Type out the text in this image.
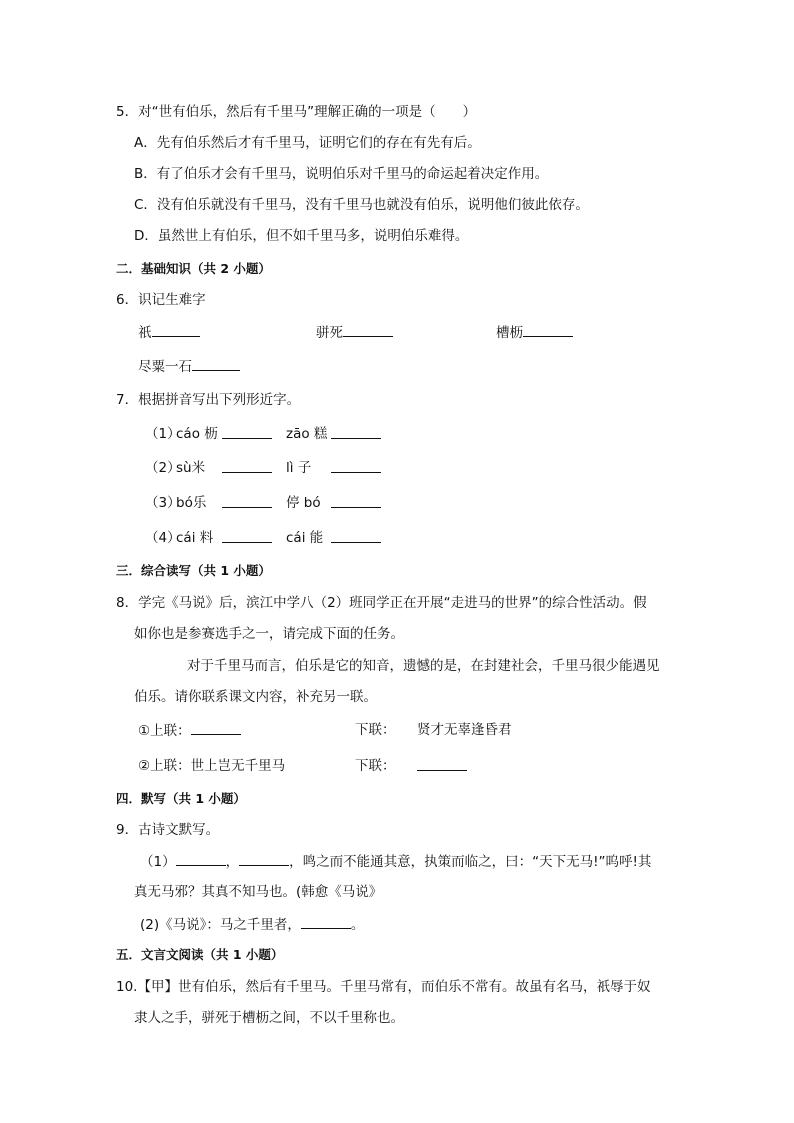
5．对“世有伯乐，然后有千里马”理解正确的一项是（　　）
A．先有伯乐然后才有千里马，证明它们的存在有先有后。
B．有了伯乐才会有千里马，说明伯乐对千里马的命运起着决定作用。
C．没有伯乐就没有千里马，没有千里马也就没有伯乐，说明他们彼此依存。
D．虽然世上有伯乐，但不如千里马多，说明伯乐难得。
二．基础知识（共 2 小题）
6．识记生难字
祇	骈死	槽枥
尽粟一石
7．根据拼音写出下列形近字。
（1）
cáo 枥	zāo 糕
（2）
sù米	lì 子
（3）
bó乐	停 bó
（4）
cái 料	cái 能
三．综合读写（共 1 小题）
8．学完《马说》后，滨江中学八（2）班同学正在开展“走进马的世界”的综合性活动。假
如你也是参赛选手之一，请完成下面的任务。
对于千里马而言，伯乐是它的知音，遗憾的是，在封建社会，千里马很少能遇见
伯乐。请你联系课文内容，补充另一联。
①上联：	下联： 贤才无辜逢昏君
②上联：世上岂无千里马	下联：
四．默写（共 1 小题）
9．古诗文默写。
（1）	，	，鸣之而不能通其意，执策而临之，曰：“天下无马!”呜呼!其
真无马邪？其真不知马也。(韩愈《马说》
(2)《马说》：马之千里者，	。
五．文言文阅读（共 1 小题）
10.【甲】世有伯乐，然后有千里马。千里马常有，而伯乐不常有。故虽有名马，祇辱于奴
隶人之手，骈死于槽枥之间，不以千里称也。
